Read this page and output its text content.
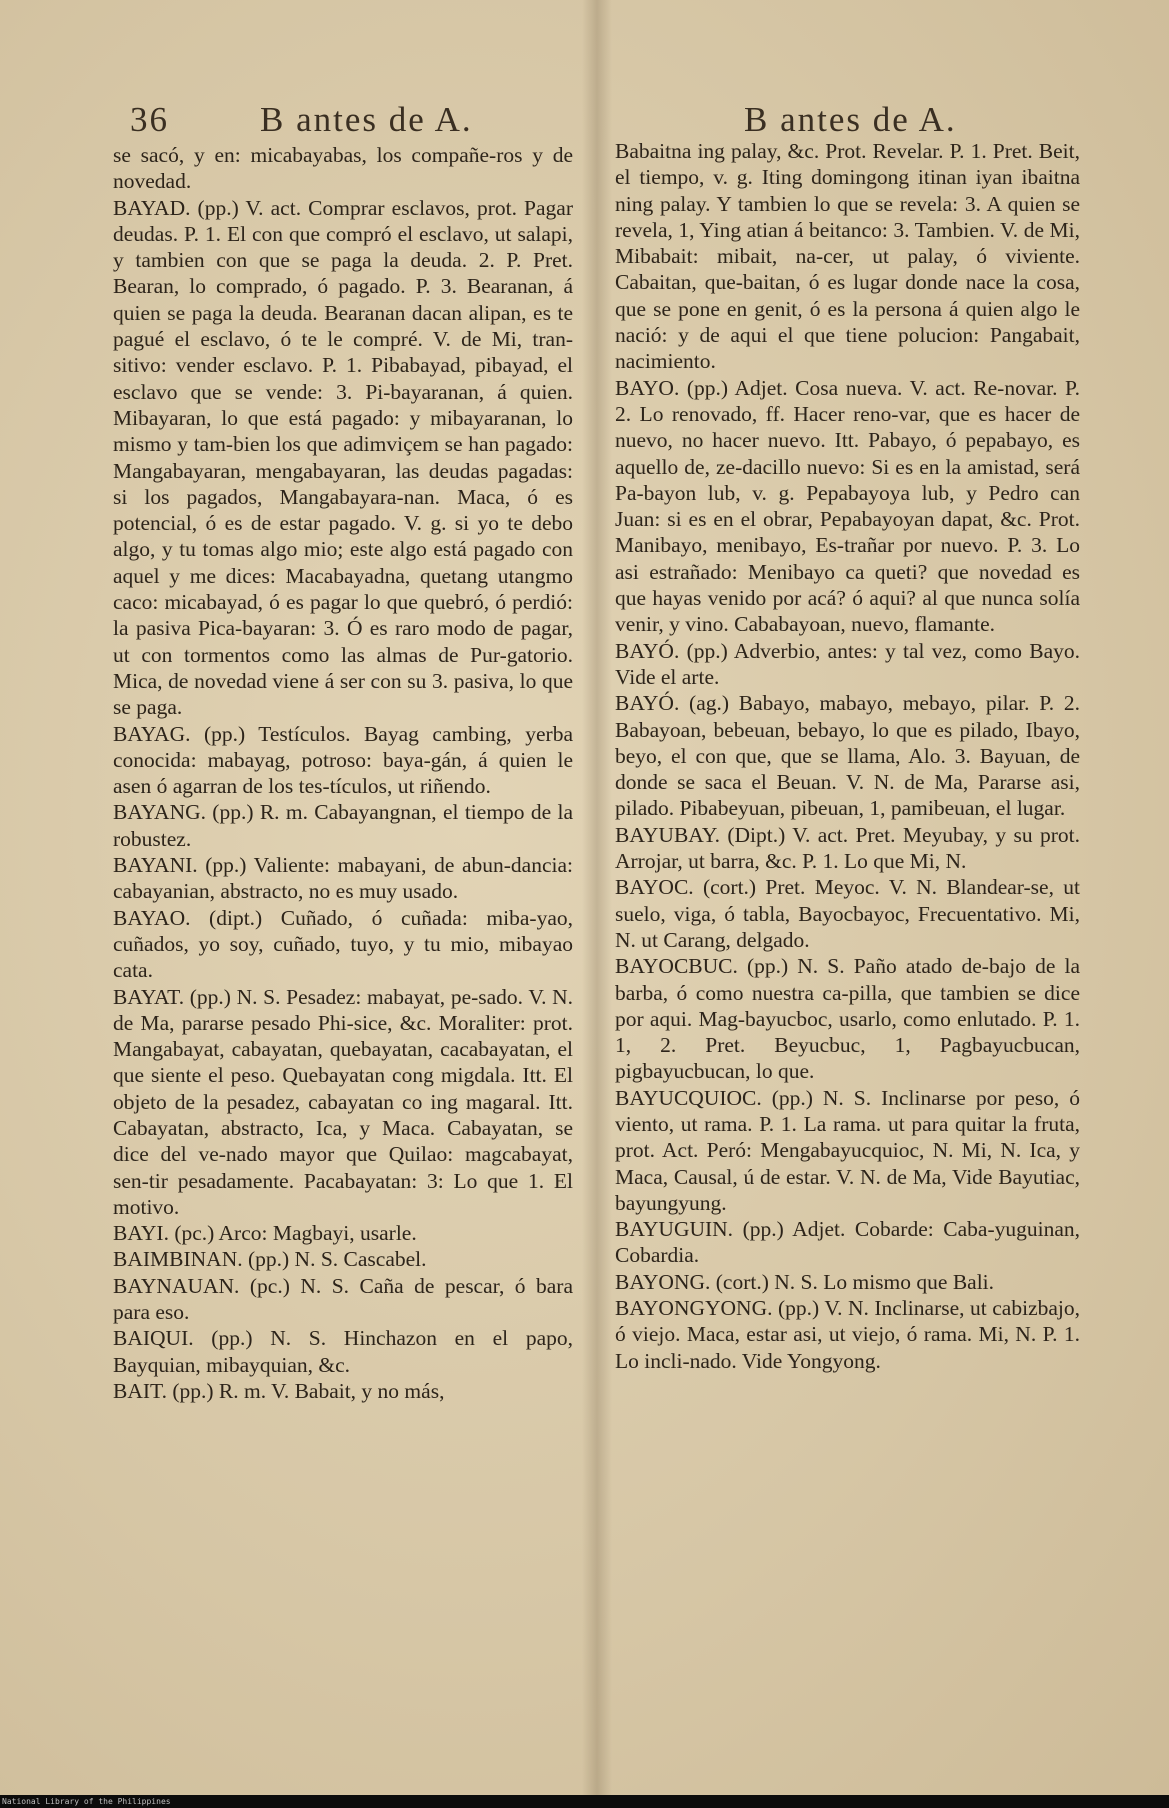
36	B antes de A.	B antes de A.

se sacó, y en: micabayabas, los compañe-ros y de novedad.

BAYAD. (pp.) V. act. Comprar esclavos, prot. Pagar deudas. P. 1. El con que compró el esclavo, ut salapi, y tambien con que se paga la deuda. 2. P. Pret. Bearan, lo comprado, ó pagado. P. 3. Bearanan, á quien se paga la deuda. Bearanan dacan alipan, es te pagué el esclavo, ó te le compré. V. de Mi, tran-sitivo: vender esclavo. P. 1. Pibabayad, pibayad, el esclavo que se vende: 3. Pi-bayaranan, á quien. Mibayaran, lo que está pagado: y mibayaranan, lo mismo y tam-bien los que adimviçem se han pagado: Mangabayaran, mengabayaran, las deudas pagadas: si los pagados, Mangabayara-nan. Maca, ó es potencial, ó es de estar pagado. V. g. si yo te debo algo, y tu tomas algo mio; este algo está pagado con aquel y me dices: Macabayadna, quetang utangmo caco: micabayad, ó es pagar lo que quebró, ó perdió: la pasiva Pica-bayaran: 3. Ó es raro modo de pagar, ut con tormentos como las almas de Pur-gatorio. Mica, de novedad viene á ser con su 3. pasiva, lo que se paga.

BAYAG. (pp.) Testículos. Bayag cambing, yerba conocida: mabayag, potroso: baya-gán, á quien le asen ó agarran de los tes-tículos, ut riñendo.

BAYANG. (pp.) R. m. Cabayangnan, el tiempo de la robustez.

BAYANI. (pp.) Valiente: mabayani, de abun-dancia: cabayanian, abstracto, no es muy usado.

BAYAO. (dipt.) Cuñado, ó cuñada: miba-yao, cuñados, yo soy, cuñado, tuyo, y tu mio, mibayao cata.

BAYAT. (pp.) N. S. Pesadez: mabayat, pe-sado. V. N. de Ma, pararse pesado Phi-sice, &c. Moraliter: prot. Mangabayat, cabayatan, quebayatan, cacabayatan, el que siente el peso. Quebayatan cong migdala. Itt. El objeto de la pesadez, cabayatan co ing magaral. Itt. Cabayatan, abstracto, Ica, y Maca. Cabayatan, se dice del ve-nado mayor que Quilao: magcabayat, sen-tir pesadamente. Pacabayatan: 3: Lo que 1. El motivo.

BAYI. (pc.) Arco: Magbayi, usarle.

BAIMBINAN. (pp.) N. S. Cascabel.

BAYNAUAN. (pc.) N. S. Caña de pescar, ó bara para eso.

BAIQUI. (pp.) N. S. Hinchazon en el papo, Bayquian, mibayquian, &c.

BAIT. (pp.) R. m. V. Babait, y no más,

Babaitna ing palay, &c. Prot. Revelar. P. 1. Pret. Beit, el tiempo, v. g. Iting domingong itinan iyan ibaitna ning palay. Y tambien lo que se revela: 3. A quien se revela, 1, Ying atian á beitanco: 3. Tambien. V. de Mi, Mibabait: mibait, na-cer, ut palay, ó viviente. Cabaitan, que-baitan, ó es lugar donde nace la cosa, que se pone en genit, ó es la persona á quien algo le nació: y de aqui el que tiene polucion: Pangabait, nacimiento.

BAYO. (pp.) Adjet. Cosa nueva. V. act. Re-novar. P. 2. Lo renovado, ff. Hacer reno-var, que es hacer de nuevo, no hacer nuevo. Itt. Pabayo, ó pepabayo, es aquello de, ze-dacillo nuevo: Si es en la amistad, será Pa-bayon lub, v. g. Pepabayoya lub, y Pedro can Juan: si es en el obrar, Pepabayoyan dapat, &c. Prot. Manibayo, menibayo, Es-trañar por nuevo. P. 3. Lo asi estrañado: Menibayo ca queti? que novedad es que hayas venido por acá? ó aqui? al que nunca solía venir, y vino. Cababayoan, nuevo, flamante.

BAYÓ. (pp.) Adverbio, antes: y tal vez, como Bayo. Vide el arte.

BAYÓ. (ag.) Babayo, mabayo, mebayo, pilar. P. 2. Babayoan, bebeuan, bebayo, lo que es pilado, Ibayo, beyo, el con que, que se llama, Alo. 3. Bayuan, de donde se saca el Beuan. V. N. de Ma, Pararse asi, pilado. Pibabeyuan, pibeuan, 1, pamibeuan, el lugar.

BAYUBAY. (Dipt.) V. act. Pret. Meyubay, y su prot. Arrojar, ut barra, &c. P. 1. Lo que Mi, N.

BAYOC. (cort.) Pret. Meyoc. V. N. Blandear-se, ut suelo, viga, ó tabla, Bayocbayoc, Frecuentativo. Mi, N. ut Carang, delgado.

BAYOCBUC. (pp.) N. S. Paño atado de-bajo de la barba, ó como nuestra ca-pilla, que tambien se dice por aqui. Mag-bayucboc, usarlo, como enlutado. P. 1. 1, 2. Pret. Beyucbuc, 1, Pagbayucbucan, pigbayucbucan, lo que.

BAYUCQUIOC. (pp.) N. S. Inclinarse por peso, ó viento, ut rama. P. 1. La rama. ut para quitar la fruta, prot. Act. Peró: Mengabayucquioc, N. Mi, N. Ica, y Maca, Causal, ú de estar. V. N. de Ma, Vide Bayutiac, bayungyung.

BAYUGUIN. (pp.) Adjet. Cobarde: Caba-yuguinan, Cobardia.

BAYONG. (cort.) N. S. Lo mismo que Bali.

BAYONGYONG. (pp.) V. N. Inclinarse, ut cabizbajo, ó viejo. Maca, estar asi, ut viejo, ó rama. Mi, N. P. 1. Lo incli-nado. Vide Yongyong.

National Library of the Philippines
